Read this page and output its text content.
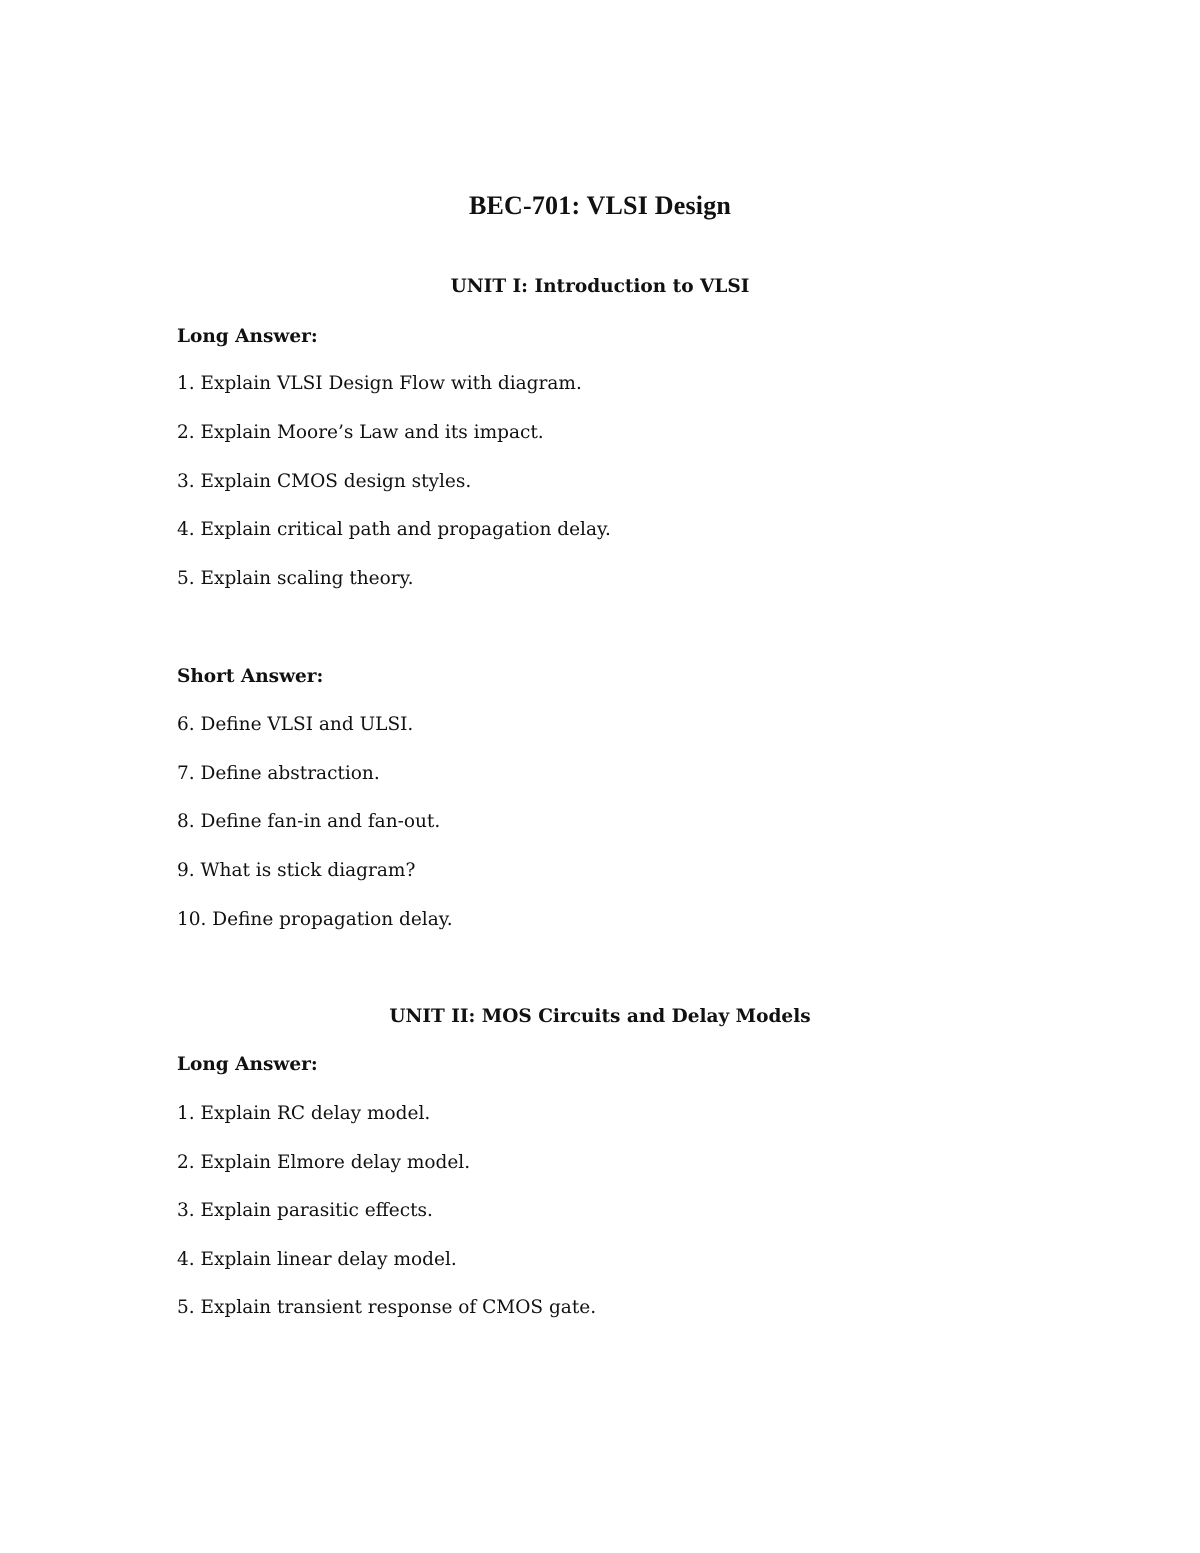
BEC-701: VLSI Design
UNIT I: Introduction to VLSI
Long Answer:
1. Explain VLSI Design Flow with diagram.
2. Explain Moore’s Law and its impact.
3. Explain CMOS design styles.
4. Explain critical path and propagation delay.
5. Explain scaling theory.
Short Answer:
6. Define VLSI and ULSI.
7. Define abstraction.
8. Define fan-in and fan-out.
9. What is stick diagram?
10. Define propagation delay.
UNIT II: MOS Circuits and Delay Models
Long Answer:
1. Explain RC delay model.
2. Explain Elmore delay model.
3. Explain parasitic effects.
4. Explain linear delay model.
5. Explain transient response of CMOS gate.
